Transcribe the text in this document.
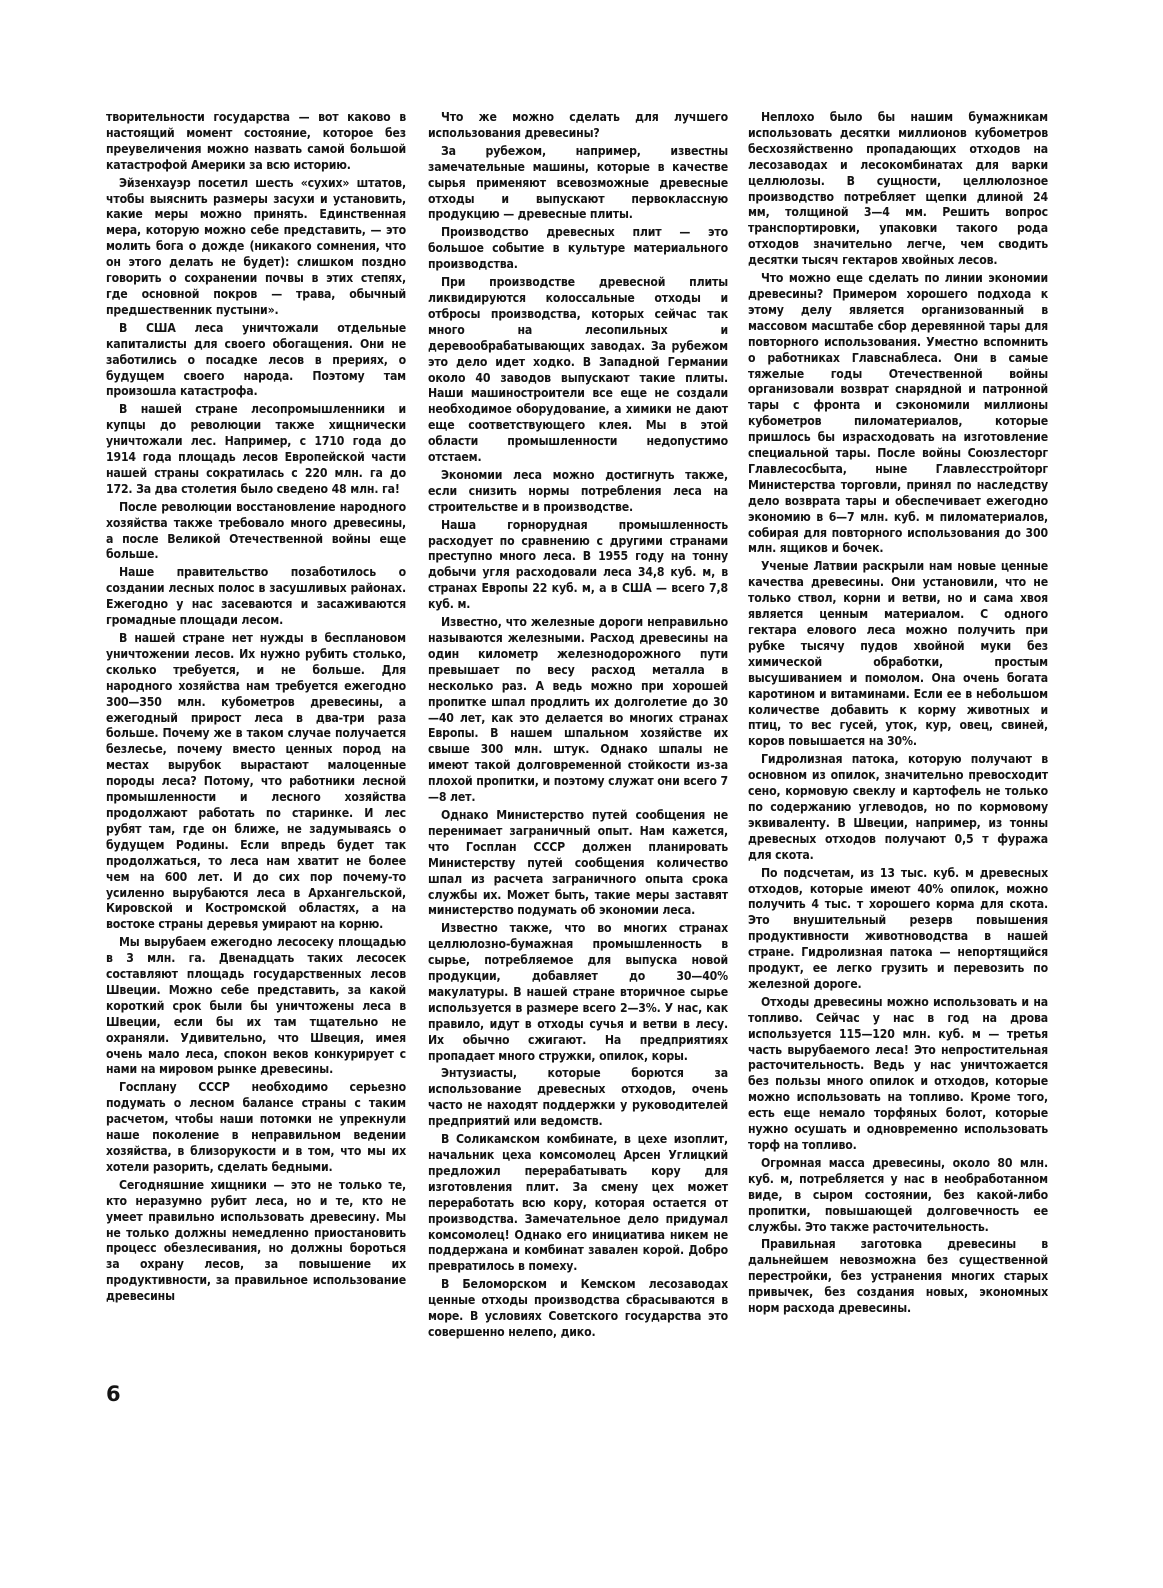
творительности государства — вот каково в настоящий момент состояние, которое без преувеличения можно назвать самой большой катастрофой Америки за всю историю.

Эйзенхауэр посетил шесть «сухих» штатов, чтобы выяснить размеры засухи и установить, какие меры можно принять. Единственная мера, которую можно себе представить, — это молить бога о дожде (никакого сомнения, что он этого делать не будет): слишком поздно говорить о сохранении почвы в этих степях, где основной покров — трава, обычный предшественник пустыни».

В США леса уничтожали отдельные капиталисты для своего обогащения. Они не заботились о посадке лесов в прериях, о будущем своего народа. Поэтому там произошла катастрофа.

В нашей стране лесопромышленники и купцы до революции также хищнически уничтожали лес. Например, с 1710 года до 1914 года площадь лесов Европейской части нашей страны сократилась с 220 млн. га до 172. За два столетия было сведено 48 млн. га!

После революции восстановление народного хозяйства также требовало много древесины, а после Великой Отечественной войны еще больше.

Наше правительство позаботилось о создании лесных полос в засушливых районах. Ежегодно у нас засеваются и засаживаются громадные площади лесом.

В нашей стране нет нужды в бесплановом уничтожении лесов. Их нужно рубить столько, сколько требуется, и не больше. Для народного хозяйства нам требуется ежегодно 300—350 млн. кубометров древесины, а ежегодный прирост леса в два-три раза больше. Почему же в таком случае получается безлесье, почему вместо ценных пород на местах вырубок вырастают малоценные породы леса? Потому, что работники лесной промышленности и лесного хозяйства продолжают работать по старинке. И лес рубят там, где он ближе, не задумываясь о будущем Родины. Если впредь будет так продолжаться, то леса нам хватит не более чем на 600 лет. И до сих пор почему-то усиленно вырубаются леса в Архангельской, Кировской и Костромской областях, а на востоке страны деревья умирают на корню.

Мы вырубаем ежегодно лесосеку площадью в 3 млн. га. Двенадцать таких лесосек составляют площадь государственных лесов Швеции. Можно себе представить, за какой короткий срок были бы уничтожены леса в Швеции, если бы их там тщательно не охраняли. Удивительно, что Швеция, имея очень мало леса, спокон веков конкурирует с нами на мировом рынке древесины.

Госплану СССР необходимо серьезно подумать о лесном балансе страны с таким расчетом, чтобы наши потомки не упрекнули наше поколение в неправильном ведении хозяйства, в близорукости и в том, что мы их хотели разорить, сделать бедными.

Сегодняшние хищники — это не только те, кто неразумно рубит леса, но и те, кто не умеет правильно использовать древесину. Мы не только должны немедленно приостановить процесс обезлесивания, но должны бороться за охрану лесов, за повышение их продуктивности, за правильное использование древесины

Что же можно сделать для лучшего использования древесины?

За рубежом, например, известны замечательные машины, которые в качестве сырья применяют всевозможные древесные отходы и выпускают первоклассную продукцию — древесные плиты.

Производство древесных плит — это большое событие в культуре материального производства.

При производстве древесной плиты ликвидируются колоссальные отходы и отбросы производства, которых сейчас так много на лесопильных и деревообрабатывающих заводах. За рубежом это дело идет ходко. В Западной Германии около 40 заводов выпускают такие плиты. Наши машиностроители все еще не создали необходимое оборудование, а химики не дают еще соответствующего клея. Мы в этой области промышленности недопустимо отстаем.

Экономии леса можно достигнуть также, если снизить нормы потребления леса на строительстве и в производстве.

Наша горнорудная промышленность расходует по сравнению с другими странами преступно много леса. В 1955 году на тонну добычи угля расходовали леса 34,8 куб. м, в странах Европы 22 куб. м, а в США — всего 7,8 куб. м.

Известно, что железные дороги неправильно называются железными. Расход древесины на один километр железнодорожного пути превышает по весу расход металла в несколько раз. А ведь можно при хорошей пропитке шпал продлить их долголетие до 30—40 лет, как это делается во многих странах Европы. В нашем шпальном хозяйстве их свыше 300 млн. штук. Однако шпалы не имеют такой долговременной стойкости из-за плохой пропитки, и поэтому служат они всего 7—8 лет.

Однако Министерство путей сообщения не перенимает заграничный опыт. Нам кажется, что Госплан СССР должен планировать Министерству путей сообщения количество шпал из расчета заграничного опыта срока службы их. Может быть, такие меры заставят министерство подумать об экономии леса.

Известно также, что во многих странах целлюлозно-бумажная промышленность в сырье, потребляемое для выпуска новой продукции, добавляет до 30—40% макулатуры. В нашей стране вторичное сырье используется в размере всего 2—3%. У нас, как правило, идут в отходы сучья и ветви в лесу. Их обычно сжигают. На предприятиях пропадает много стружки, опилок, коры.

Энтузиасты, которые борются за использование древесных отходов, очень часто не находят поддержки у руководителей предприятий или ведомств.

В Соликамском комбинате, в цехе изоплит, начальник цеха комсомолец Арсен Углицкий предложил перерабатывать кору для изготовления плит. За смену цех может переработать всю кору, которая остается от производства. Замечательное дело придумал комсомолец! Однако его инициатива никем не поддержана и комбинат завален корой. Добро превратилось в помеху.

В Беломорском и Кемском лесозаводах ценные отходы производства сбрасываются в море. В условиях Советского государства это совершенно нелепо, дико.

Неплохо было бы нашим бумажникам использовать десятки миллионов кубометров бесхозяйственно пропадающих отходов на лесозаводах и лесокомбинатах для варки целлюлозы. В сущности, целлюлозное производство потребляет щепки длиной 24 мм, толщиной 3—4 мм. Решить вопрос транспортировки, упаковки такого рода отходов значительно легче, чем сводить десятки тысяч гектаров хвойных лесов.

Что можно еще сделать по линии экономии древесины? Примером хорошего подхода к этому делу является организованный в массовом масштабе сбор деревянной тары для повторного использования. Уместно вспомнить о работниках Главснаблеса. Они в самые тяжелые годы Отечественной войны организовали возврат снарядной и патронной тары с фронта и сэкономили миллионы кубометров пиломатериалов, которые пришлось бы израсходовать на изготовление специальной тары. После войны Союзлесторг Главлесосбыта, ныне Главлесстройторг Министерства торговли, принял по наследству дело возврата тары и обеспечивает ежегодно экономию в 6—7 млн. куб. м пиломатериалов, собирая для повторного использования до 300 млн. ящиков и бочек.

Ученые Латвии раскрыли нам новые ценные качества древесины. Они установили, что не только ствол, корни и ветви, но и сама хвоя является ценным материалом. С одного гектара елового леса можно получить при рубке тысячу пудов хвойной муки без химической обработки, простым высушиванием и помолом. Она очень богата каротином и витаминами. Если ее в небольшом количестве добавить к корму животных и птиц, то вес гусей, уток, кур, овец, свиней, коров повышается на 30%.

Гидролизная патока, которую получают в основном из опилок, значительно превосходит сено, кормовую свеклу и картофель не только по содержанию углеводов, но по кормовому эквиваленту. В Швеции, например, из тонны древесных отходов получают 0,5 т фуража для скота.

По подсчетам, из 13 тыс. куб. м древесных отходов, которые имеют 40% опилок, можно получить 4 тыс. т хорошего корма для скота. Это внушительный резерв повышения продуктивности животноводства в нашей стране. Гидролизная патока — непортящийся продукт, ее легко грузить и перевозить по железной дороге.

Отходы древесины можно использовать и на топливо. Сейчас у нас в год на дрова используется 115—120 млн. куб. м — третья часть вырубаемого леса! Это непростительная расточительность. Ведь у нас уничтожается без пользы много опилок и отходов, которые можно использовать на топливо. Кроме того, есть еще немало торфяных болот, которые нужно осушать и одновременно использовать торф на топливо.

Огромная масса древесины, около 80 млн. куб. м, потребляется у нас в необработанном виде, в сыром состоянии, без какой-либо пропитки, повышающей долговечность ее службы. Это также расточительность.

Правильная заготовка древесины в дальнейшем невозможна без существенной перестройки, без устранения многих старых привычек, без создания новых, экономных норм расхода древесины.

6
